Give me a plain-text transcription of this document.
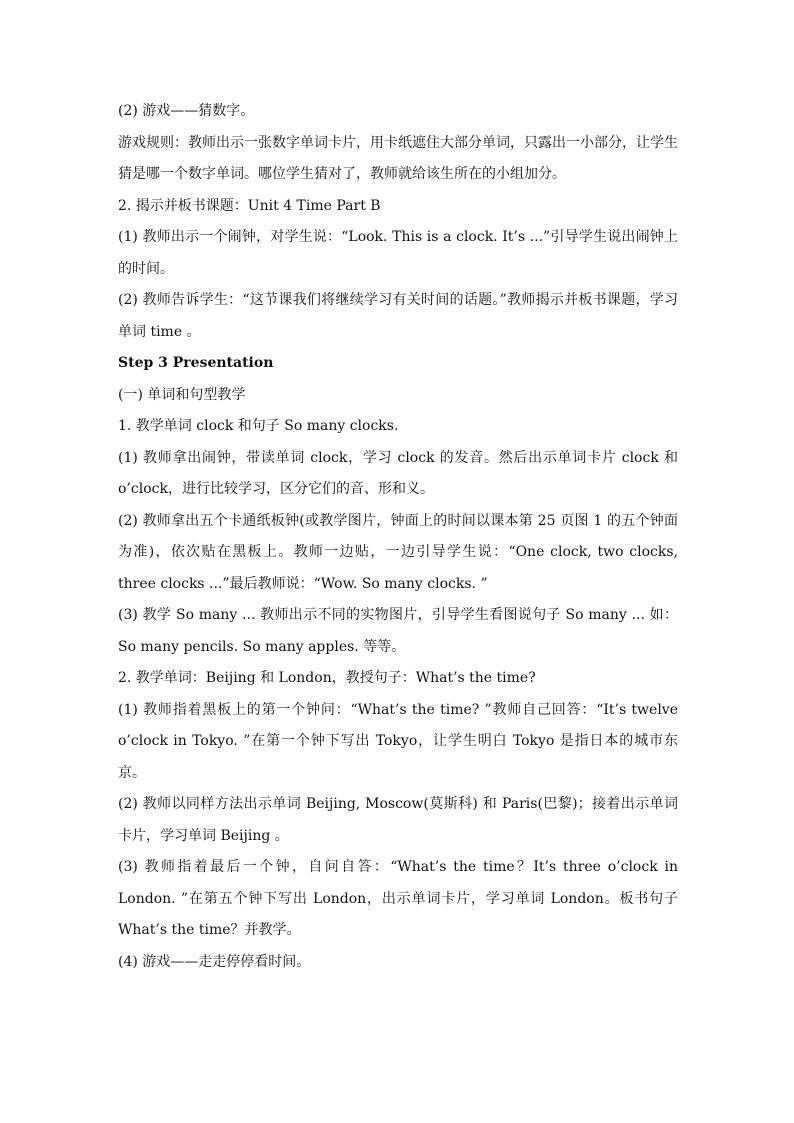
(2) 游戏——猜数字。

游戏规则：教师出示一张数字单词卡片，用卡纸遮住大部分单词，只露出一小部分，让学生猜是哪一个数字单词。哪位学生猜对了，教师就给该生所在的小组加分。

2. 揭示并板书课题：Unit 4 Time Part B

(1) 教师出示一个闹钟，对学生说：“Look. This is a clock. It’s ...”引导学生说出闹钟上的时间。

(2) 教师告诉学生：“这节课我们将继续学习有关时间的话题。”教师揭示并板书课题，学习单词 time 。

Step 3 Presentation

(一) 单词和句型教学

1. 教学单词 clock 和句子 So many clocks.

(1) 教师拿出闹钟，带读单词 clock，学习 clock 的发音。然后出示单词卡片 clock 和 o’clock，进行比较学习，区分它们的音、形和义。

(2) 教师拿出五个卡通纸板钟(或教学图片，钟面上的时间以课本第 25 页图 1 的五个钟面为准)，依次贴在黑板上。教师一边贴，一边引导学生说：“One clock, two clocks, three clocks ...”最后教师说：“Wow. So many clocks. ”

(3) 教学 So many ... 教师出示不同的实物图片，引导学生看图说句子 So many ... 如：So many pencils. So many apples. 等等。

2. 教学单词：Beijing 和 London，教授句子：What’s the time?

(1) 教师指着黑板上的第一个钟问：“What’s the time? ”教师自己回答：“It’s twelve o’clock in Tokyo. ”在第一个钟下写出 Tokyo，让学生明白 Tokyo 是指日本的城市东京。

(2) 教师以同样方法出示单词 Beijing, Moscow(莫斯科) 和 Paris(巴黎)；接着出示单词卡片，学习单词 Beijing 。

(3) 教师指着最后一个钟，自问自答：“What’s the time？It’s three o’clock in London. ”在第五个钟下写出 London，出示单词卡片，学习单词 London。板书句子 What’s the time？并教学。

(4) 游戏——走走停停看时间。
